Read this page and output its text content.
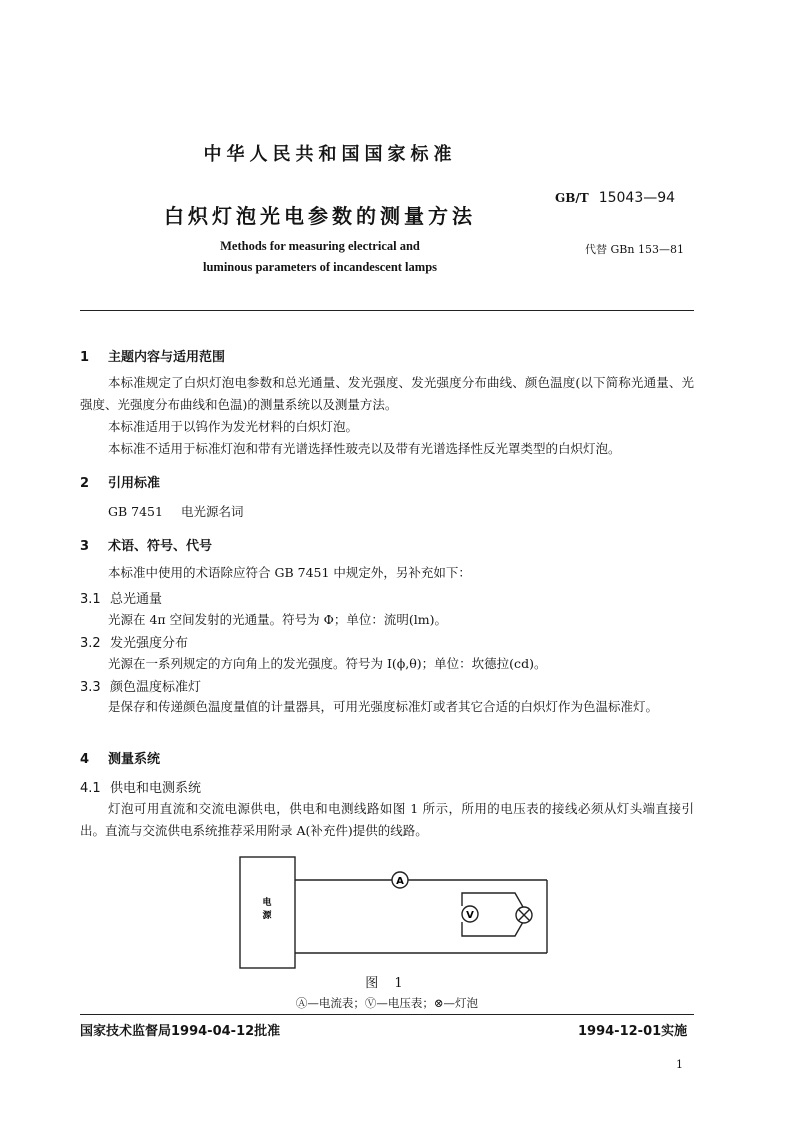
中华人民共和国国家标准
GB/T 15043—94
白炽灯泡光电参数的测量方法
Methods for measuring electrical and
luminous parameters of incandescent lamps
代替 GBn 153—81
1 主题内容与适用范围
本标准规定了白炽灯泡电参数和总光通量、发光强度、发光强度分布曲线、颜色温度(以下简称光通量、光强度、光强度分布曲线和色温)的测量系统以及测量方法。
本标准适用于以钨作为发光材料的白炽灯泡。
本标准不适用于标准灯泡和带有光谱选择性玻壳以及带有光谱选择性反光罩类型的白炽灯泡。
2 引用标准
GB 7451 电光源名词
3 术语、符号、代号
本标准中使用的术语除应符合 GB 7451 中规定外，另补充如下：
3.1 总光通量
光源在 4π 空间发射的光通量。符号为 Φ；单位：流明(lm)。
3.2 发光强度分布
光源在一系列规定的方向角上的发光强度。符号为 I(ϕ,θ)；单位：坎德拉(cd)。
3.3 颜色温度标准灯
是保存和传递颜色温度量值的计量器具，可用光强度标准灯或者其它合适的白炽灯作为色温标准灯。
4 测量系统
4.1 供电和电测系统
灯泡可用直流和交流电源供电，供电和电测线路如图 1 所示，所用的电压表的接线必须从灯头端直接引出。直流与交流供电系统推荐采用附录 A(补充件)提供的线路。
A
V
电
源
图 1
Ⓐ—电流表；Ⓥ—电压表；⊗—灯泡
国家技术监督局1994-04-12批准	1994-12-01实施
1
